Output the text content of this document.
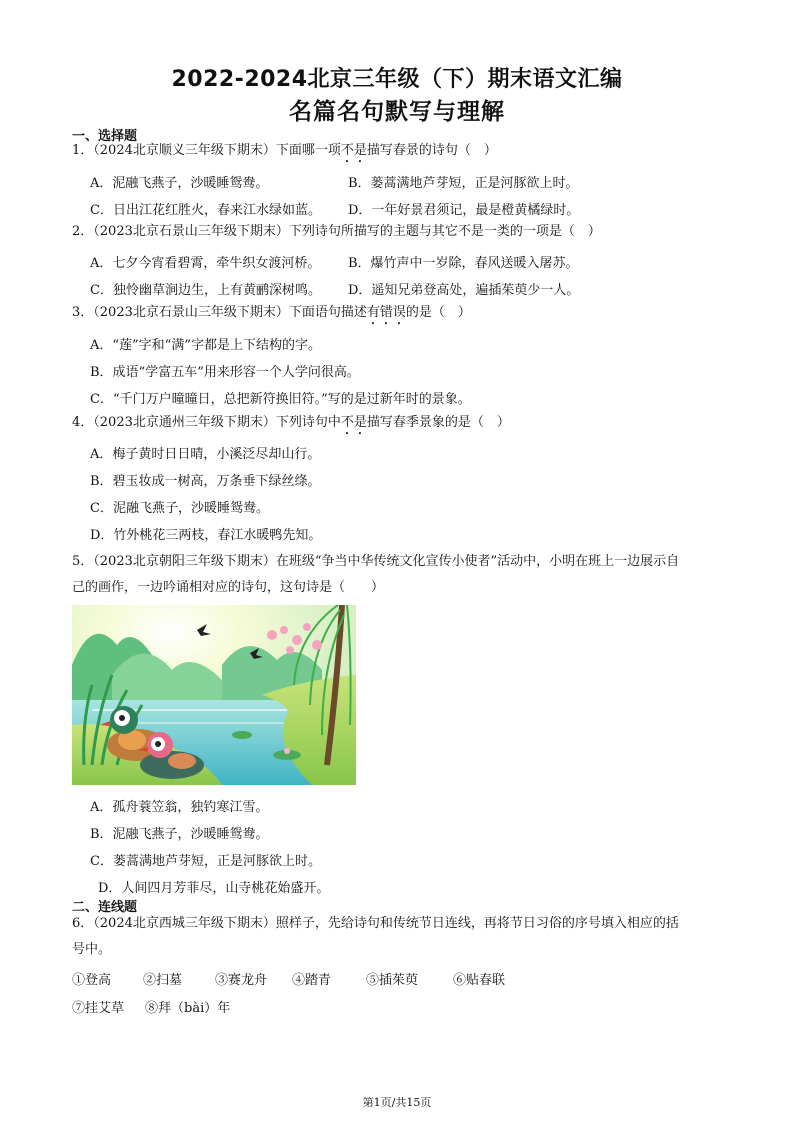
2022-2024北京三年级（下）期末语文汇编
名篇名句默写与理解
一、选择题
1．（2024北京顺义三年级下期末）下面哪一项不是描写春景的诗句（　）
A．泥融飞燕子，沙暖睡鸳鸯。	B．蒌蒿满地芦芽短，正是河豚欲上时。
C．日出江花红胜火，春来江水绿如蓝。 D．一年好景君须记，最是橙黄橘绿时。
2．（2023北京石景山三年级下期末）下列诗句所描写的主题与其它不是一类的一项是（　）
A．七夕今宵看碧霄，牵牛织女渡河桥。 B．爆竹声中一岁除，春风送暖入屠苏。
C．独怜幽草涧边生，上有黄鹂深树鸣。 D．遥知兄弟登高处，遍插茱萸少一人。
3．（2023北京石景山三年级下期末）下面语句描述有错误的是（　）
A．“莲”字和“满”字都是上下结构的字。
B．成语“学富五车”用来形容一个人学问很高。
C．“千门万户曈曈日，总把新符换旧符。”写的是过新年时的景象。
4．（2023北京通州三年级下期末）下列诗句中不是描写春季景象的是（　）
A．梅子黄时日日晴，小溪泛尽却山行。
B．碧玉妆成一树高，万条垂下绿丝绦。
C．泥融飞燕子，沙暖睡鸳鸯。
D．竹外桃花三两枝，春江水暖鸭先知。
5．（2023北京朝阳三年级下期末）在班级“争当中华传统文化宣传小使者”活动中，小明在班上一边展示自
己的画作，一边吟诵相对应的诗句，这句诗是（　　）
A．孤舟蓑笠翁，独钓寒江雪。
B．泥融飞燕子，沙暖睡鸳鸯。
C．蒌蒿满地芦芽短，正是河豚欲上时。
D．人间四月芳菲尽，山寺桃花始盛开。
二、连线题
6．（2024北京西城三年级下期末）照样子，先给诗句和传统节日连线，再将节日习俗的序号填入相应的括
号中。
①登高 ②扫墓	③赛龙舟 ④踏青	⑤插茱萸	⑥贴春联
⑦挂艾草 ⑧拜（bài）年
第1页/共15页
